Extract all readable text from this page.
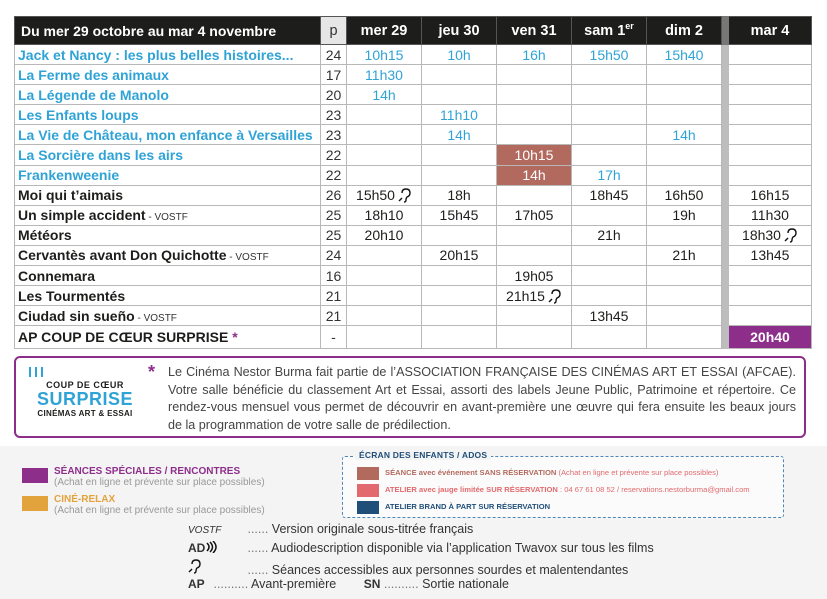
Du mer 29 octobre au mar 4 novembre	p	mer 29	jeu 30	ven 31	sam 1er	dim 2		mar 4
Jack et Nancy : les plus belles histoires...	24	10h15	10h	16h	15h50	15h40		
La Ferme des animaux	17	11h30						
La Légende de Manolo	20	14h						
Les Enfants loups	23		11h10					
La Vie de Château, mon enfance à Versailles	23		14h			14h		
La Sorcière dans les airs	22			10h15				
Frankenweenie	22			14h	17h			
Moi qui t’aimais	26	15h50	18h		18h45	16h50		16h15
Un simple accident - VOSTF	25	18h10	15h45	17h05		19h		11h30
Météors	25	20h10			21h			18h30
Cervantès avant Don Quichotte - VOSTF	24		20h15			21h		13h45
Connemara	16			19h05				
Les Tourmentés	21			21h15				
Ciudad sin sueño - VOSTF	21				13h45			
AP COUP DE CŒUR SURPRISE *	-							20h40
COUP DE CŒUR
SURPRISE
CINÉMAS ART & ESSAI
* Le Cinéma Nestor Burma fait partie de l’ASSOCIATION FRANÇAISE DES CINÉMAS ART ET ESSAI (AFCAE). Votre salle bénéficie du classement Art et Essai, assorti des labels Jeune Public, Patrimoine et répertoire. Ce rendez-vous mensuel vous permet de découvrir en avant-première une œuvre qui fera ensuite les beaux jours de la programmation de votre salle de prédilection.

SÉANCES SPÉCIALES / RENCONTRES
(Achat en ligne et prévente sur place possibles)
CINÉ-RELAX
(Achat en ligne et prévente sur place possibles)
ÉCRAN DES ENFANTS / ADOS
SÉANCE avec événement SANS RÉSERVATION (Achat en ligne et prévente sur place possibles)
ATELIER avec jauge limitée SUR RÉSERVATION : 04 67 61 08 52 / reservations.nestorburma@gmail.com
ATELIER BRAND À PART SUR RÉSERVATION
VOSTF ...... Version originale sous-titrée français
AD	...... Audiodescription disponible via l’application Twavox sur tous les films
...... Séances accessibles aux personnes sourdes et malentendantes
AP .......... Avant-première SN .......... Sortie nationale
